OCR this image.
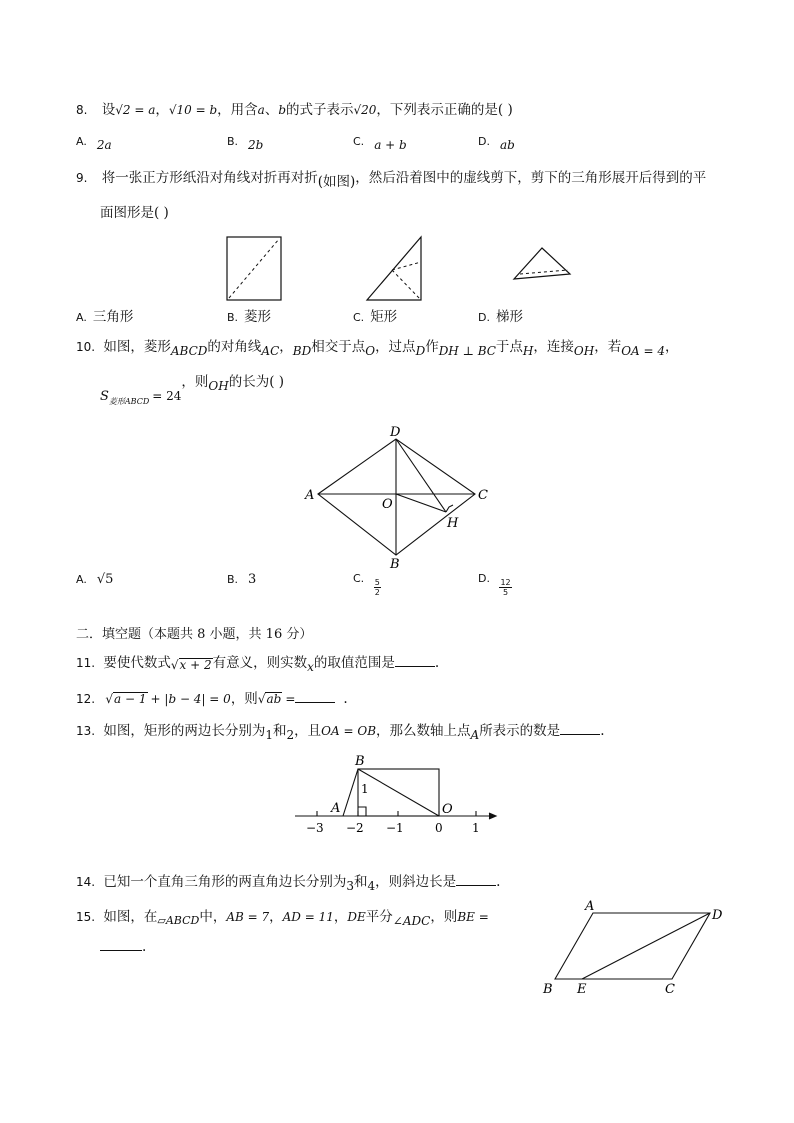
8. 设√2 = a，√10 = b，用含a、b的式子表示√20，下列表示正确的是( )
A. 2a	B. 2b	C. a + b	D. ab
9. 将一张正方形纸沿对角线对折再对折(如图)，然后沿着图中的虚线剪下，剪下的三角形展开后得到的平
面图形是( )
A. 三角形	B. 菱形	C. 矩形	D. 梯形
10. 如图，菱形ABCD的对角线AC，BD相交于点O，过点D作DH ⊥ BC于点H，连接OH，若OA = 4，
$S_{菱形ABCD} = 24$，则OH的长为( )
A
D
C
B
O
H
A. √5	B. 3	C. $\frac{5}{2}$	D. $\frac{12}{5}$
二．填空题（本题共 8 小题，共 16 分）
11. 要使代数式√x + 2有意义，则实数x的取值范围是	.
12. √a − 1 + |b − 4| = 0，则√ab =	.
13. 如图，矩形的两边长分别为1和2，且OA = OB，那么数轴上点A所表示的数是	.
B
A	O
1
−3 −2 −1	0 1
14. 已知一个直角三角形的两直角边长分别为3和4，则斜边长是	.
15. 如图，在$_{▱ABCD}$中，AB = 7，AD = 11，DE平分∠ADC，则BE =
.
A
D
B E	C
